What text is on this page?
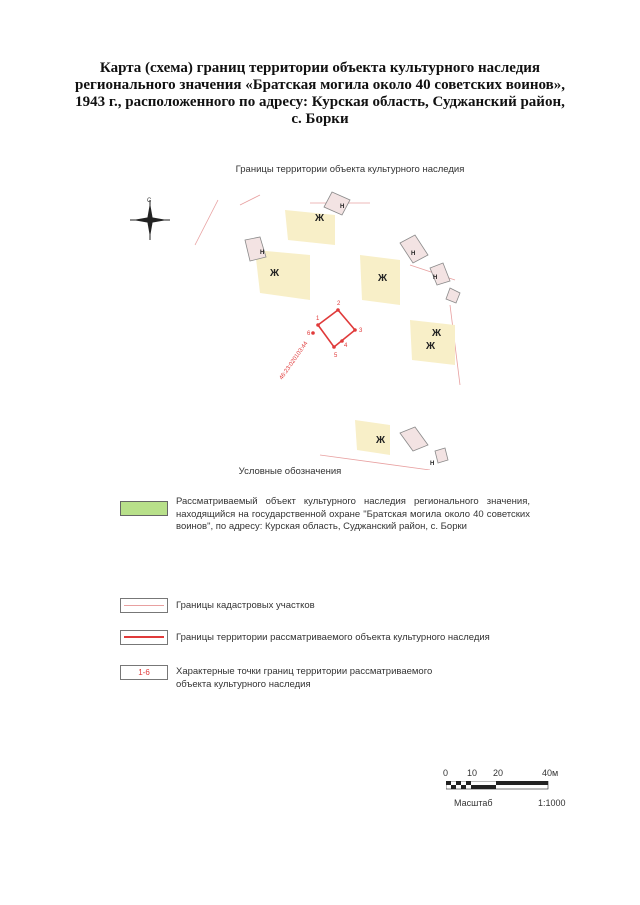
Карта (схема) границ территории объекта культурного наследия регионального значения «Братская могила около 40 советских воинов», 1943 г., расположенного по адресу: Курская область, Суджанский район, с. Борки
Границы территории объекта культурного наследия
С
Ж
Н
Н
Ж	Ж
Н
Н
Ж
Ж
Ж
Н
1
2
3
4
5
6
46:23:020103:44
Условные обозначения
Рассматриваемый объект культурного наследия регионального значения, находящийся на государственной охране "Братская могила около 40 советских воинов", по адресу: Курская область, Суджанский район, с. Борки
Границы кадастровых участков
Границы территории рассматриваемого объекта культурного наследия
1-6	Характерные точки границ территории рассматриваемого объекта культурного наследия
0 10 20	40м
Масштаб	1:1000
